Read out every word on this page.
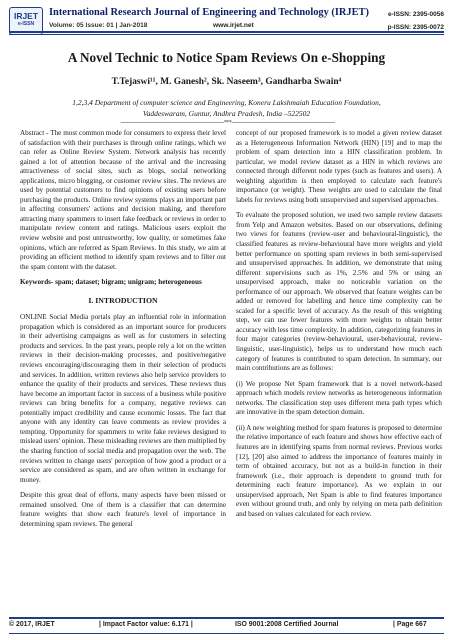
IRJET
e-ISSN
International Research Journal of Engineering and Technology (IRJET)
Volume: 05 Issue: 01 | Jan-2018	www.irjet.net
e-ISSN: 2395-0056
p-ISSN: 2395-0072
A Novel Technic to Notice Spam Reviews On e-Shopping
T.Tejaswi¹¹, M. Ganesh², Sk. Naseem³, Gandharba Swain⁴
1,2,3,4 Department of computer science and Engineering, Koneru Lakshmaiah Education Foundation,
Vaddeswaram, Guntur, Andhra Pradesh, India –522502
---------------------------------------------------------------------***---------------------------------------------------------------------

Abstract - The most common mode for consumers to express their level of satisfaction with their purchases is through online ratings, which we can refer as Online Review System. Network analysis has recently gained a lot of attention because of the arrival and the increasing attractiveness of social sites, such as blogs, social networking applications, micro blogging, or customer review sites. The reviews are used by potential customers to find opinions of existing users before purchasing the products. Online review systems plays an important part in affecting consumers' actions and decision making, and therefore attracting many spammers to insert fake feedback or reviews in order to manipulate review content and ratings. Malicious users exploit the review website and post untrustworthy, low quality, or sometimes fake opinions, which are referred as Spam Reviews. In this study, we aim at providing an efficient method to identify spam reviews and to filter out the spam content with the dataset.

Keywords- spam; dataset; bigram; unigram; heterogeneous

I. INTRODUCTION

ONLINE Social Media portals play an influential role in information propagation which is considered as an important source for producers in their advertising campaigns as well as for customers in selecting products and services. In the past years, people rely a lot on the written reviews in their decision-making processes, and positive/negative reviews encouraging/discouraging them in their selection of products and services. In addition, written reviews also help service providers to enhance the quality of their products and services. These reviews thus have become an important factor in success of a business while positive reviews can bring benefits for a company, negative reviews can potentially impact credibility and cause economic losses. The fact that anyone with any identity can leave comments as review provides a tempting. Opportunity for spammers to write fake reviews designed to mislead users' opinion. These misleading reviews are then multiplied by the sharing function of social media and propagation over the web. The reviews written to change users' perception of how good a product or a service are considered as spam, and are often written in exchange for money.

Despite this great deal of efforts, many aspects have been missed or remained unsolved. One of them is a classifier that can determine feature weights that show each feature's level of importance in determining spam reviews. The general

concept of our proposed framework is to model a given review dataset as a Heterogeneous Information Network (HIN) [19] and to map the problem of spam detection into a HIN classification problem. In particular, we model review dataset as a HIN in which reviews are connected through different node types (such as features and users). A weighting algorithm is then employed to calculate each feature's importance (or weight). These weights are used to calculate the final labels for reviews using both unsupervised and supervised approaches.

To evaluate the proposed solution, we used two sample review datasets from Yelp and Amazon websites. Based on our observations, defining two views for features (review-user and behavioural-linguistic), the classified features as review-behavioural have more weights and yield better performance on spotting spam reviews in both semi-supervised and unsupervised approaches. In addition, we demonstrate that using different supervisions such as 1%, 2.5% and 5% or using an unsupervised approach, make no noticeable variation on the performance of our approach. We observed that feature weights can be added or removed for labelling and hence time complexity can be scaled for a specific level of accuracy. As the result of this weighting step, we can use fewer features with more weights to obtain better accuracy with less time complexity. In addition, categorizing features in four major categories (review-behavioural, user-behavioural, review-linguistic, user-linguistic), helps us to understand how much each category of features is contributed to spam detection. In summary, our main contributions are as follows:

(i) We propose Net Spam framework that is a novel network-based approach which models review networks as heterogeneous information networks. The classification step uses different meta path types which are innovative in the spam detection domain.

(ii) A new weighting method for spam features is proposed to determine the relative importance of each feature and shows how effective each of features are in identifying spams from normal reviews. Previous works [12], [20] also aimed to address the importance of features mainly in term of obtained accuracy, but not as a build-in function in their framework (i.e., their approach is dependent to ground truth for determining each feature importance). As we explain in our unsupervised approach, Net Spam is able to find features importance even without ground truth, and only by relying on meta path definition and based on values calculated for each review.

© 2017, IRJET	| Impact Factor value: 6.171 |	ISO 9001:2008 Certified Journal	| Page 667
